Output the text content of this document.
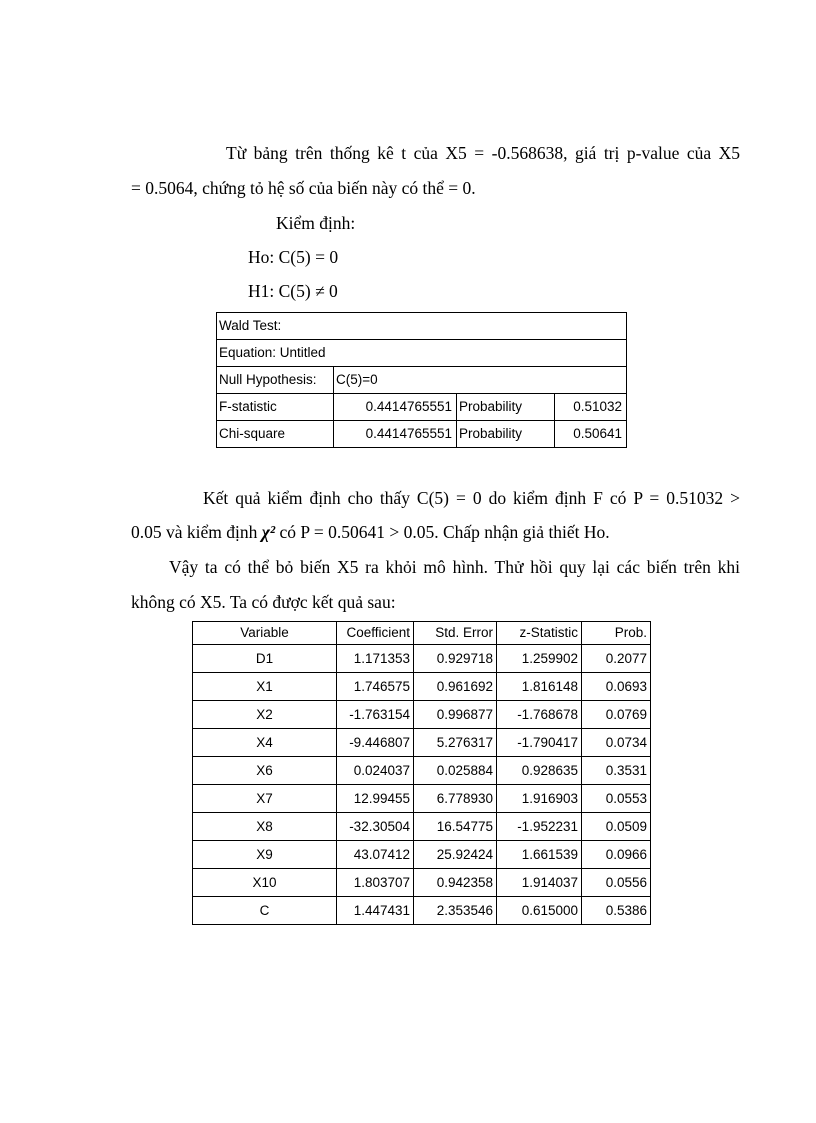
Từ bảng trên thống kê t của X5 = -0.568638, giá trị p-value của X5
= 0.5064, chứng tỏ hệ số của biến này có thể = 0.
Kiểm định:
Ho: C(5) = 0
H1: C(5) ≠ 0
Wald Test:			
Equation: Untitled			
Null Hypothesis:	C(5)=0		
F-statistic	0.4414765551	Probability	0.51032
Chi-square	0.4414765551	Probability	0.50641
Kết quả kiểm định cho thấy C(5) = 0 do kiểm định F có P = 0.51032 >
0.05 và kiểm định χ² có P = 0.50641 > 0.05. Chấp nhận giả thiết Ho.
Vậy ta có thể bỏ biến X5 ra khỏi mô hình. Thử hồi quy lại các biến trên khi
không có X5. Ta có được kết quả sau:
Variable	Coefficient	Std. Error	z-Statistic	Prob.
D1	1.171353	0.929718	1.259902	0.2077
X1	1.746575	0.961692	1.816148	0.0693
X2	-1.763154	0.996877	-1.768678	0.0769
X4	-9.446807	5.276317	-1.790417	0.0734
X6	0.024037	0.025884	0.928635	0.3531
X7	12.99455	6.778930	1.916903	0.0553
X8	-32.30504	16.54775	-1.952231	0.0509
X9	43.07412	25.92424	1.661539	0.0966
X10	1.803707	0.942358	1.914037	0.0556
C	1.447431	2.353546	0.615000	0.5386
